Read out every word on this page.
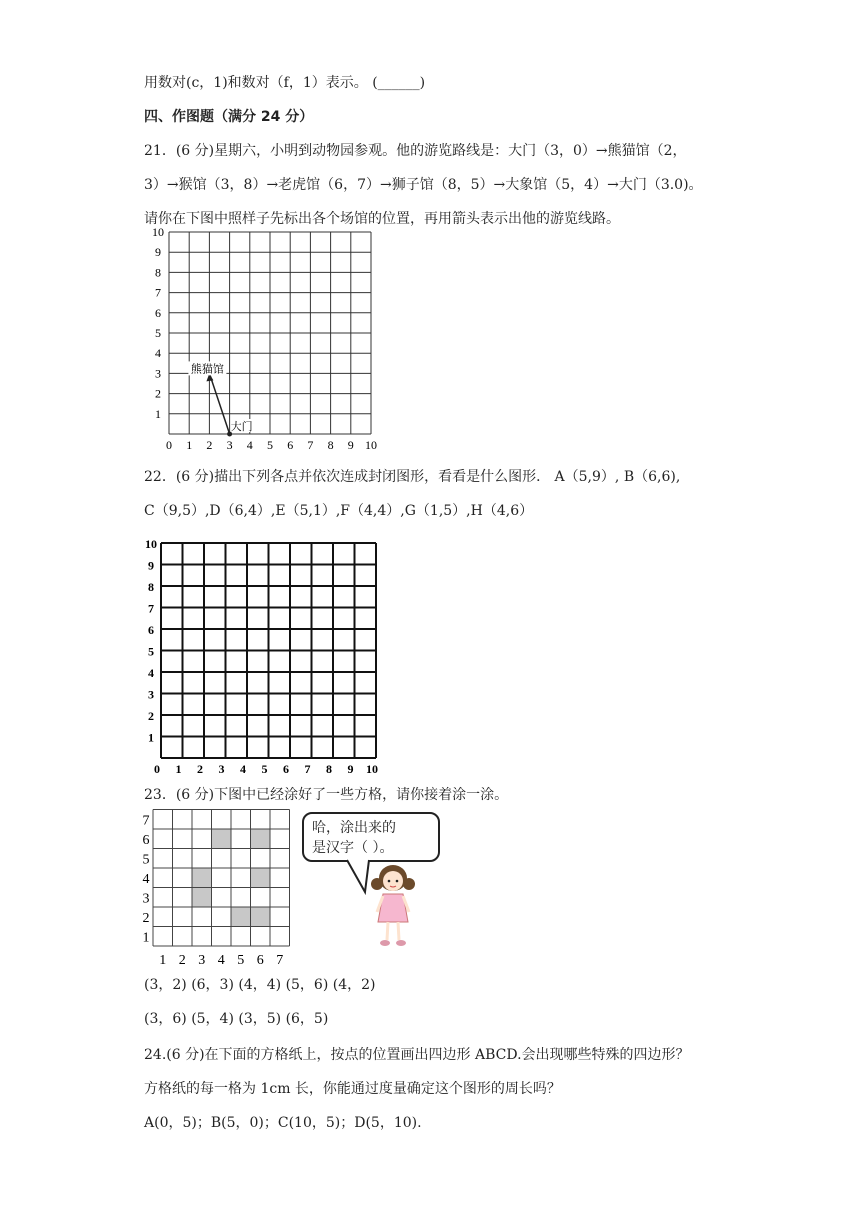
用数对(c，1)和数对（f，1）表示。 (______)
四、作图题（满分 24 分）
21．(6 分)星期六，小明到动物园参观。他的游览路线是：大门（3，0）→熊猫馆（2，
3）→猴馆（3，8）→老虎馆（6，7）→狮子馆（8，5）→大象馆（5，4）→大门（3.0)。
请你在下图中照样子先标出各个场馆的位置，再用箭头表示出他的游览线路。
0 1
1
2
2
3
3
4
4
5
5
6
6
7
7
8
8
9
9
10
10
熊猫馆
大门
22．(6 分)描出下列各点并依次连成封闭图形，看看是什么图形． A（5,9）, B（6,6),
C（9,5）,D（6,4）,E（5,1）,F（4,4）,G（1,5）,H（4,6）
0 1
1
2
2
3
3
4
4
5
5
6
6
7
7
8
8
9
9
10
10
23．(6 分)下图中已经涂好了一些方格，请你接着涂一涂。
1 2 3 4 5 6 7
1
2
3
4
5
6
7	哈，涂出来的
是汉字（ ）。
(3，2) (6，3) (4，4) (5，6) (4，2)
(3，6) (5，4) (3，5) (6，5)
24.(6 分)在下面的方格纸上，按点的位置画出四边形 ABCD.会出现哪些特殊的四边形？
方格纸的每一格为 1cm 长，你能通过度量确定这个图形的周长吗？
A(0，5)；B(5，0)；C(10，5)；D(5，10).
